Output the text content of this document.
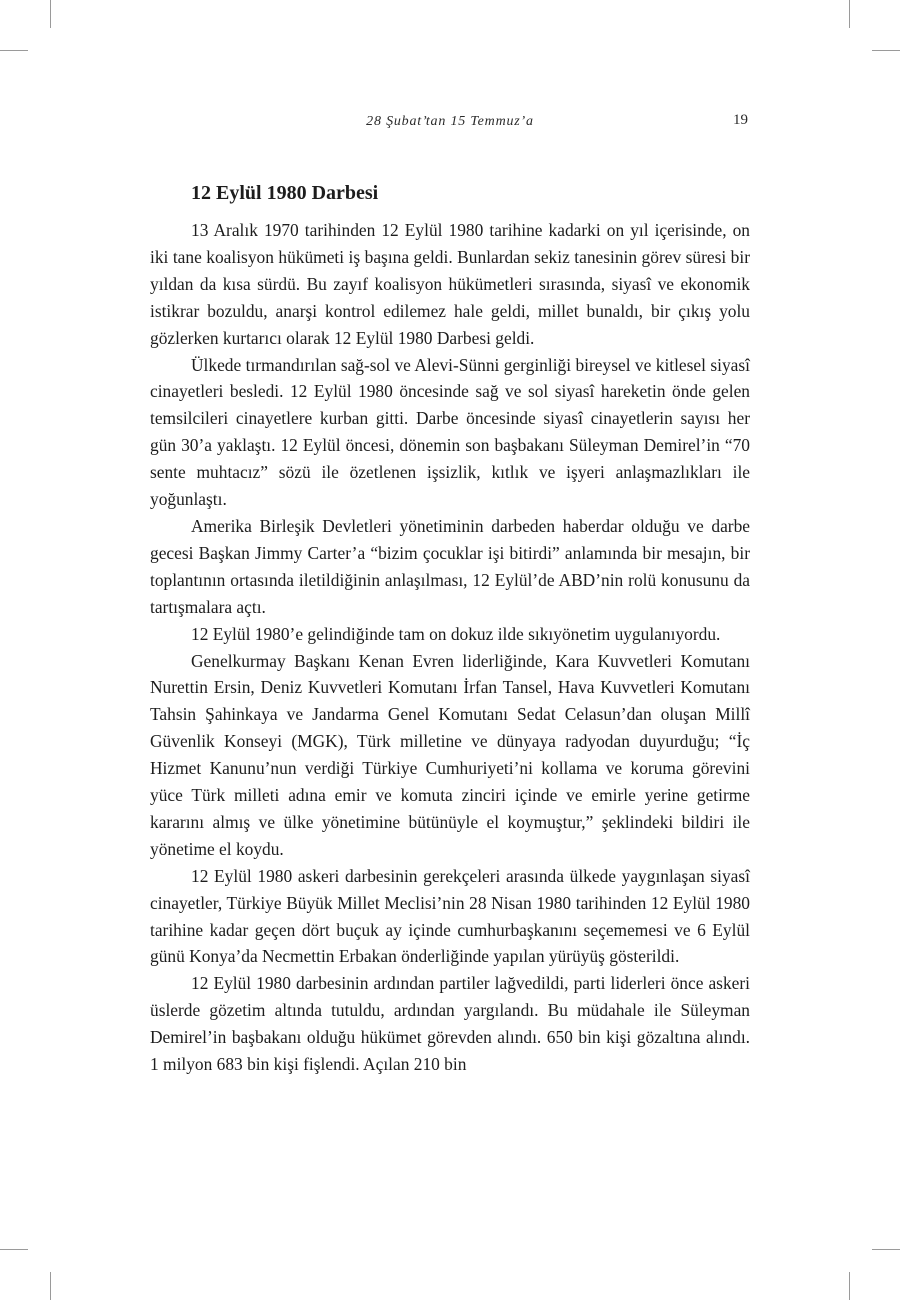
28 Şubat’tan 15 Temmuz’a	19
12 Eylül 1980 Darbesi

13 Aralık 1970 tarihinden 12 Eylül 1980 tarihine kadarki on yıl içerisinde, on iki tane koalisyon hükümeti iş başına geldi. Bunlardan sekiz tanesinin görev süresi bir yıldan da kısa sürdü. Bu zayıf koalisyon hükümetleri sırasında, siyasî ve ekonomik istikrar bozuldu, anarşi kontrol edilemez hale geldi, millet bunaldı, bir çıkış yolu gözlerken kurtarıcı olarak 12 Eylül 1980 Darbesi geldi.

Ülkede tırmandırılan sağ-sol ve Alevi-Sünni gerginliği bireysel ve kitlesel siyasî cinayetleri besledi. 12 Eylül 1980 öncesinde sağ ve sol siyasî hareketin önde gelen temsilcileri cinayetlere kurban gitti. Darbe öncesinde siyasî cinayetlerin sayısı her gün 30’a yaklaştı. 12 Eylül öncesi, dönemin son başbakanı Süleyman Demirel’in “70 sente muhtacız” sözü ile özetlenen işsizlik, kıtlık ve işyeri anlaşmazlıkları ile yoğunlaştı.

Amerika Birleşik Devletleri yönetiminin darbeden haberdar olduğu ve darbe gecesi Başkan Jimmy Carter’a “bizim çocuklar işi bitirdi” anlamında bir mesajın, bir toplantının ortasında iletildiğinin anlaşılması, 12 Eylül’de ABD’nin rolü konusunu da tartışmalara açtı.

12 Eylül 1980’e gelindiğinde tam on dokuz ilde sıkıyönetim uygulanıyordu.

Genelkurmay Başkanı Kenan Evren liderliğinde, Kara Kuvvetleri Komutanı Nurettin Ersin, Deniz Kuvvetleri Komutanı İrfan Tansel, Hava Kuvvetleri Komutanı Tahsin Şahinkaya ve Jandarma Genel Komutanı Sedat Celasun’dan oluşan Millî Güvenlik Konseyi (MGK), Türk milletine ve dünyaya radyodan duyurduğu; “İç Hizmet Kanunu’nun verdiği Türkiye Cumhuriyeti’ni kollama ve koruma görevini yüce Türk milleti adına emir ve komuta zinciri içinde ve emirle yerine getirme kararını almış ve ülke yönetimine bütünüyle el koymuştur,” şeklindeki bildiri ile yönetime el koydu.

12 Eylül 1980 askeri darbesinin gerekçeleri arasında ülkede yaygınlaşan siyasî cinayetler, Türkiye Büyük Millet Meclisi’nin 28 Nisan 1980 tarihinden 12 Eylül 1980 tarihine kadar geçen dört buçuk ay içinde cumhurbaşkanını seçememesi ve 6 Eylül günü Konya’da Necmettin Erbakan önderliğinde yapılan yürüyüş gösterildi.

12 Eylül 1980 darbesinin ardından partiler lağvedildi, parti liderleri önce askeri üslerde gözetim altında tutuldu, ardından yargılandı. Bu müdahale ile Süleyman Demirel’in başbakanı olduğu hükümet görevden alındı. 650 bin kişi gözaltına alındı. 1 milyon 683 bin kişi fişlendi. Açılan 210 bin
